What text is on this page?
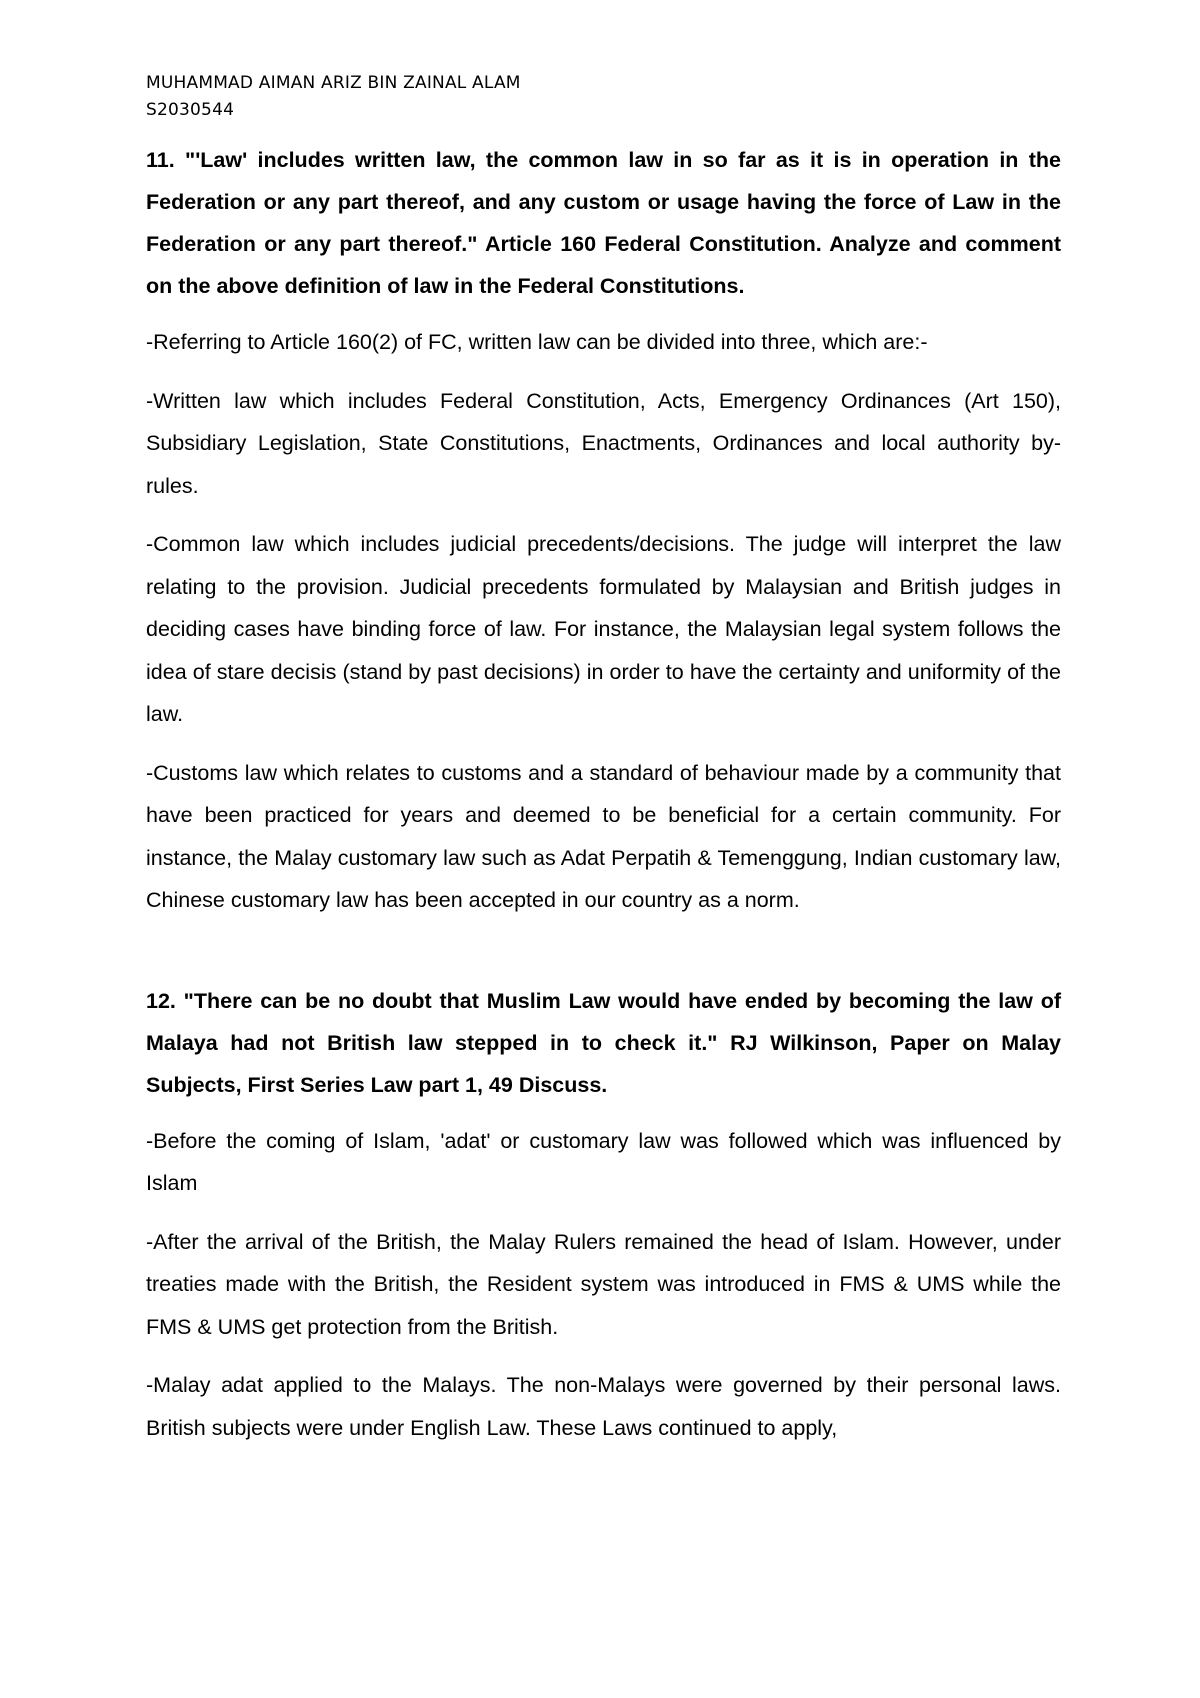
MUHAMMAD AIMAN ARIZ BIN ZAINAL ALAM

S2030544

11. "'Law' includes written law, the common law in so far as it is in operation in the Federation or any part thereof, and any custom or usage having the force of Law in the Federation or any part thereof." Article 160 Federal Constitution. Analyze and comment on the above definition of law in the Federal Constitutions.

-Referring to Article 160(2) of FC, written law can be divided into three, which are:-

-Written law which includes Federal Constitution, Acts, Emergency Ordinances (Art 150), Subsidiary Legislation, State Constitutions, Enactments, Ordinances and local authority by-rules.

-Common law which includes judicial precedents/decisions. The judge will interpret the law relating to the provision. Judicial precedents formulated by Malaysian and British judges in deciding cases have binding force of law. For instance, the Malaysian legal system follows the idea of stare decisis (stand by past decisions) in order to have the certainty and uniformity of the law.

-Customs law which relates to customs and a standard of behaviour made by a community that have been practiced for years and deemed to be beneficial for a certain community. For instance, the Malay customary law such as Adat Perpatih & Temenggung, Indian customary law, Chinese customary law has been accepted in our country as a norm.

12. "There can be no doubt that Muslim Law would have ended by becoming the law of Malaya had not British law stepped in to check it." RJ Wilkinson, Paper on Malay Subjects, First Series Law part 1, 49 Discuss.

-Before the coming of Islam, 'adat' or customary law was followed which was influenced by Islam

-After the arrival of the British, the Malay Rulers remained the head of Islam. However, under treaties made with the British, the Resident system was introduced in FMS & UMS while the FMS & UMS get protection from the British.

-Malay adat applied to the Malays. The non-Malays were governed by their personal laws. British subjects were under English Law. These Laws continued to apply,
